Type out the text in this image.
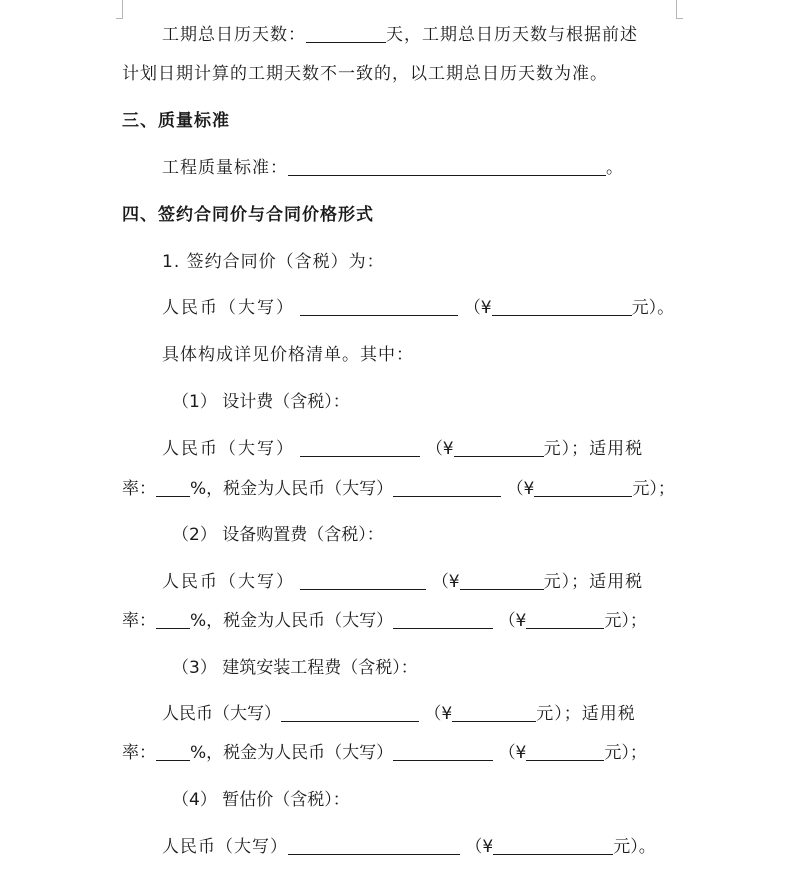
工期总日历天数：	天，工期总日历天数与根据前述
计划日期计算的工期天数不一致的，以工期总日历天数为准。
三、质量标准
工程质量标准：	。
四、签约合同价与合同价格形式
1. 签约合同价（含税）为：
人民币（大写）	（¥	元）。
具体构成详见价格清单。其中：
（1） 设计费（含税）：
人民币（大写）	（¥	元）；适用税
率： %，税金为人民币（大写）	（¥	元）；
（2） 设备购置费（含税）：
人民币（大写）	（¥	元）；适用税
率： %，税金为人民币（大写）	（¥	元）；
（3） 建筑安装工程费（含税）：
人民币（大写）	（¥	元）；适用税
率： %，税金为人民币（大写）	（¥	元）；
（4） 暂估价（含税）：
人民币（大写）	（¥	元）。
